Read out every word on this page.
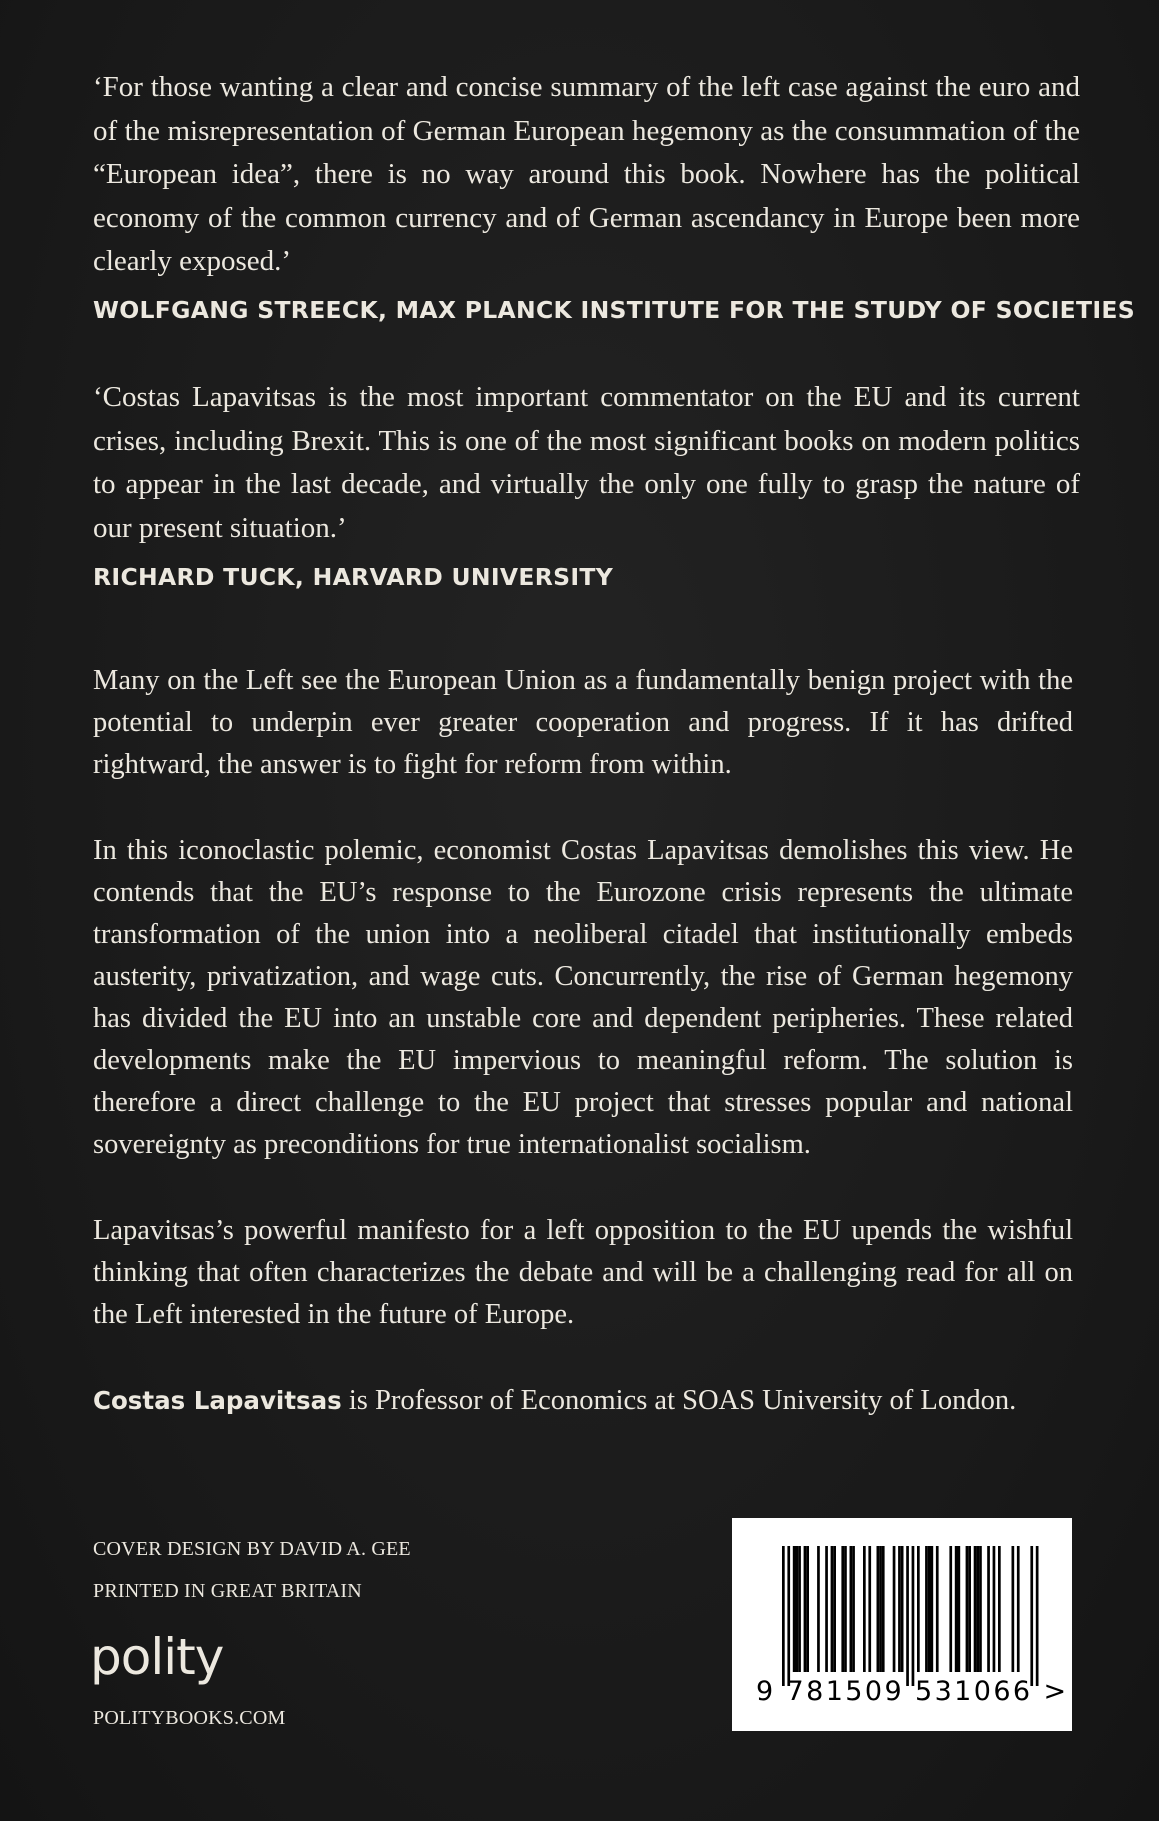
‘For those wanting a clear and concise summary of the left case against the euro and of the misrepresentation of German European hegemony as the consummation of the “European idea”, there is no way around this book. Nowhere has the political economy of the common currency and of German ascendancy in Europe been more clearly exposed.’

WOLFGANG STREECK, MAX PLANCK INSTITUTE FOR THE STUDY OF SOCIETIES

‘Costas Lapavitsas is the most important commentator on the EU and its current crises, including Brexit. This is one of the most significant books on modern politics to appear in the last decade, and virtually the only one fully to grasp the nature of our present situation.’

RICHARD TUCK, HARVARD UNIVERSITY

Many on the Left see the European Union as a fundamentally benign project with the potential to underpin ever greater cooperation and progress. If it has drifted rightward, the answer is to fight for reform from within.

In this iconoclastic polemic, economist Costas Lapavitsas demolishes this view. He contends that the EU’s response to the Eurozone crisis represents the ultimate transformation of the union into a neoliberal citadel that institutionally embeds austerity, privatization, and wage cuts. Concurrently, the rise of German hegemony has divided the EU into an unstable core and dependent peripheries. These related developments make the EU impervious to meaningful reform. The solution is therefore a direct challenge to the EU project that stresses popular and national sovereignty as preconditions for true internationalist socialism.

Lapavitsas’s powerful manifesto for a left opposition to the EU upends the wishful thinking that often characterizes the debate and will be a challenging read for all on the Left interested in the future of Europe.

Costas Lapavitsas is Professor of Economics at SOAS University of London.

COVER DESIGN BY DAVID A. GEE

PRINTED IN GREAT BRITAIN

polity

POLITYBOOKS.COM

9 781509 531066 >
